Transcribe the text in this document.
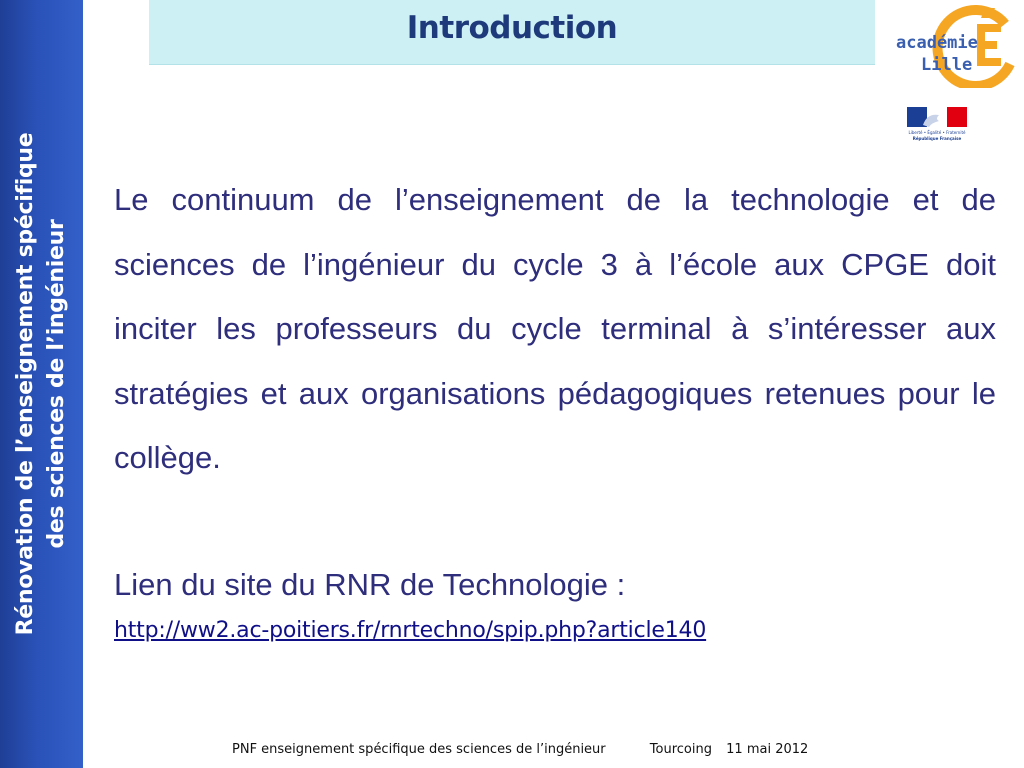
Rénovation de l’enseignement spécifique des sciences de l’ingénieur
Introduction	académie
Lille
Liberté • Égalité • Fraternité
République Française

Le continuum de l’enseignement de la technologie et de sciences de l’ingénieur du cycle 3 à l’école aux CPGE doit inciter les professeurs du cycle terminal à s’intéresser aux stratégies et aux organisations pédagogiques retenues pour le collège.

Lien du site du RNR de Technologie :

http://ww2.ac-poitiers.fr/rnrtechno/spip.php?article140
PNF enseignement spécifique des sciences de l’ingénieur	Tourcoing 11 mai 2012
